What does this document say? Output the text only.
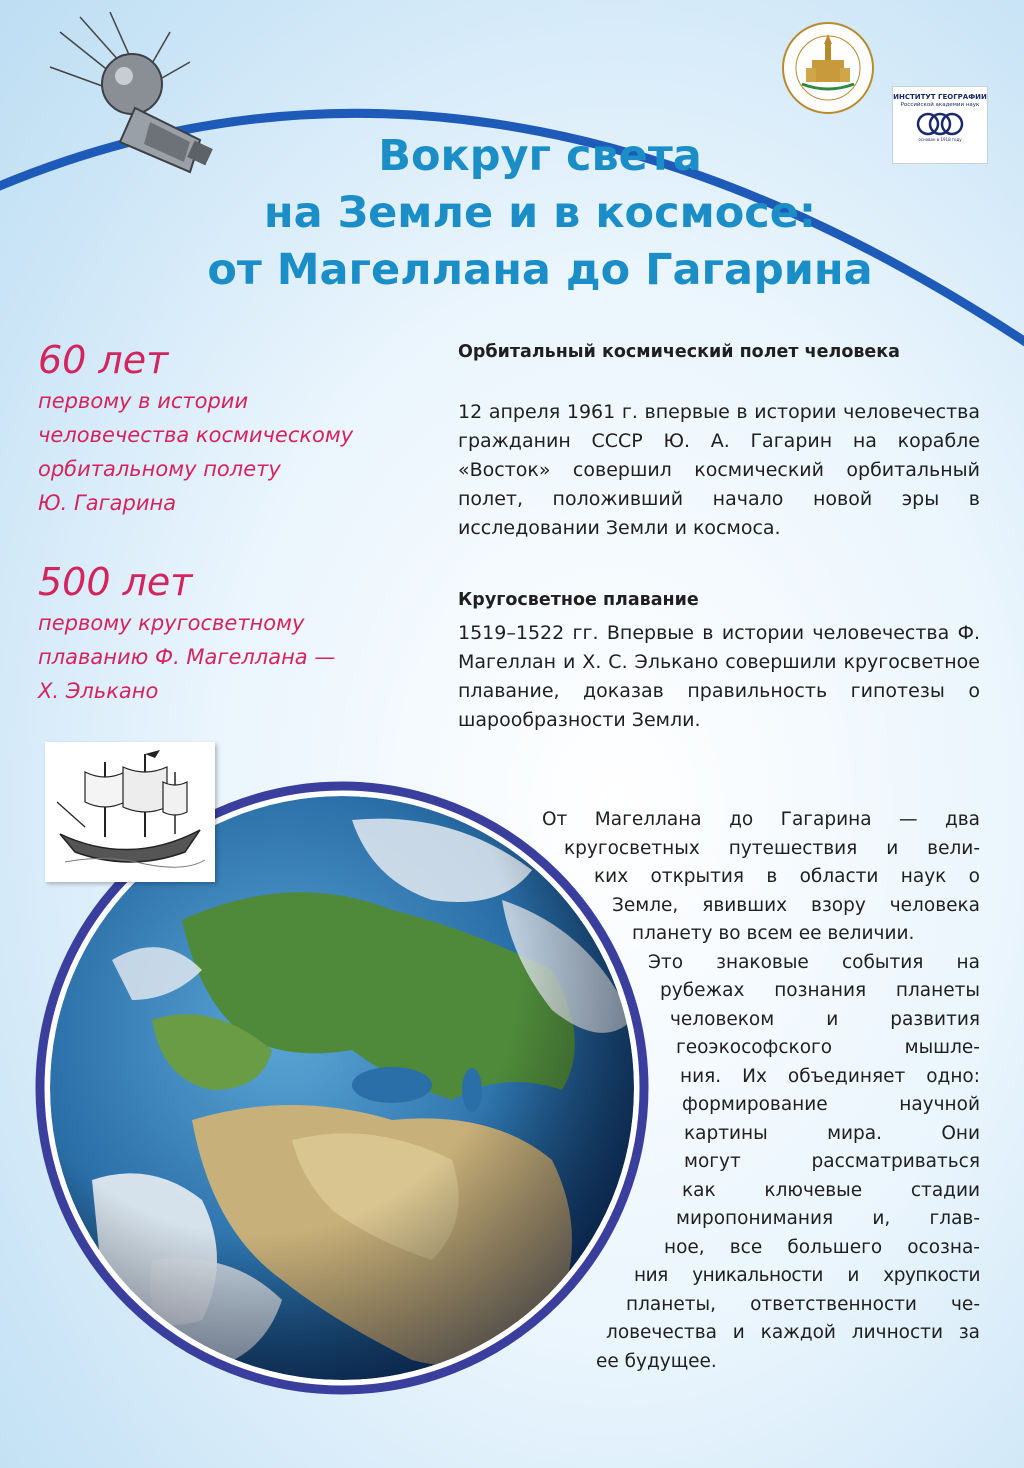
ИНСТИТУТ ГЕОГРАФИИ
Российской академии наук
основан в 1918 году
Вокруг света
на Земле и в космосе:
от Магеллана до Гагарина
60 лет
первому в истории
человечества космическому
орбитальному полету
Ю. Гагарина
500 лет
первому кругосветному
плаванию Ф. Магеллана —
Х. Элькано
Орбитальный космический полет человека

12 апреля 1961 г. впервые в истории человечества гражданин СССР Ю. А. Гагарин на корабле «Восток» совершил космический орбитальный полет, положивший начало новой эры в исследовании Земли и космоса.

Кругосветное плавание

1519–1522 гг. Впервые в истории человечества Ф. Магеллан и Х. С. Элькано совершили кругосветное плавание, доказав правильность гипотезы о шарообразности Земли.

От Магеллана до Гагарина — два
кругосветных путешествия и вели-
ких открытия в области наук о
Земле, явивших взору человека
планету во всем ее величии.
Это знаковые события на
рубежах познания планеты
человеком и развития
геоэкософского мышле-
ния. Их объединяет одно:
формирование научной
картины мира. Они
могут рассматриваться
как ключевые стадии
миропонимания и, глав-
ное, все большего осозна-
ния уникальности и хрупкости
планеты, ответственности че-
ловечества и каждой личности за
ее будущее.
